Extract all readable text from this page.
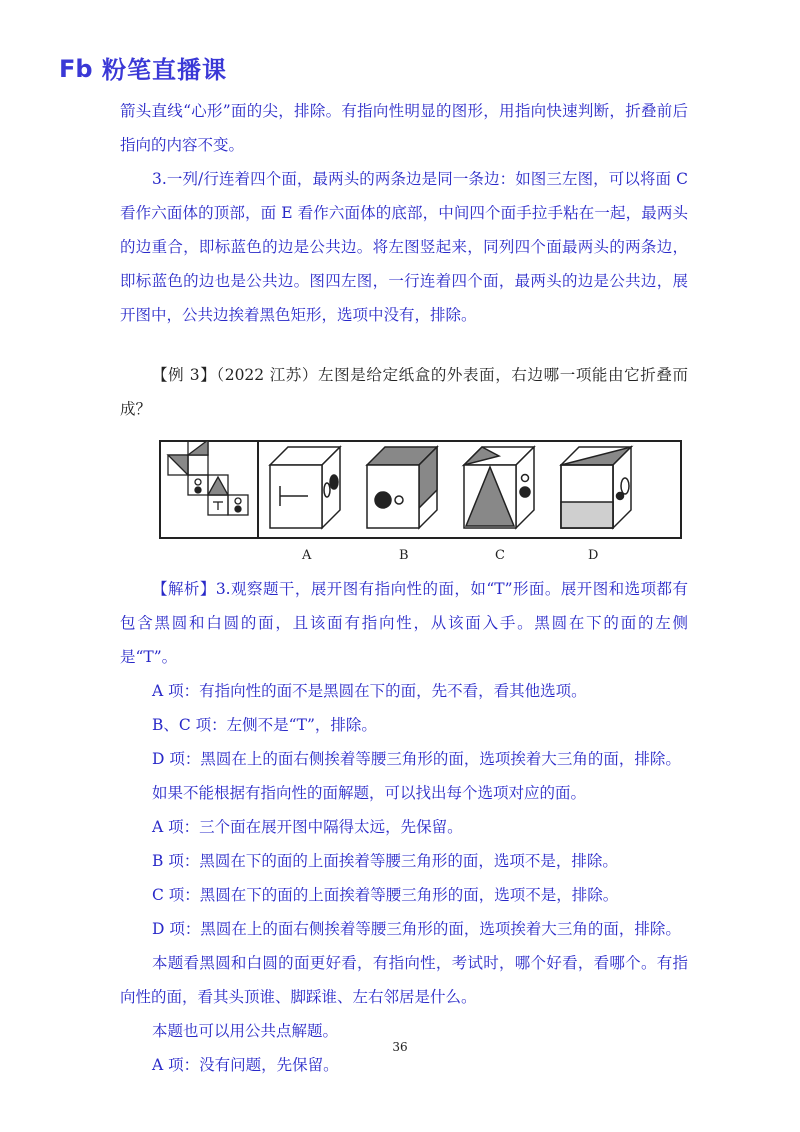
Fb 粉笔直播课

箭头直线“心形”面的尖，排除。有指向性明显的图形，用指向快速判断，折叠前后指向的内容不变。

3.一列/行连着四个面，最两头的两条边是同一条边：如图三左图，可以将面 C 看作六面体的顶部，面 E 看作六面体的底部，中间四个面手拉手粘在一起，最两头的边重合，即标蓝色的边是公共边。将左图竖起来，同列四个面最两头的两条边，即标蓝色的边也是公共边。图四左图，一行连着四个面，最两头的边是公共边，展开图中，公共边挨着黑色矩形，选项中没有，排除。

【例 3】（2022 江苏）左图是给定纸盒的外表面，右边哪一项能由它折叠而成？

A	B	C	D

【解析】3.观察题干，展开图有指向性的面，如“T”形面。展开图和选项都有包含黑圆和白圆的面，且该面有指向性，从该面入手。黑圆在下的面的左侧是“T”。

A 项：有指向性的面不是黑圆在下的面，先不看，看其他选项。

B、C 项：左侧不是“T”，排除。

D 项：黑圆在上的面右侧挨着等腰三角形的面，选项挨着大三角的面，排除。

如果不能根据有指向性的面解题，可以找出每个选项对应的面。

A 项：三个面在展开图中隔得太远，先保留。

B 项：黑圆在下的面的上面挨着等腰三角形的面，选项不是，排除。

C 项：黑圆在下的面的上面挨着等腰三角形的面，选项不是，排除。

D 项：黑圆在上的面右侧挨着等腰三角形的面，选项挨着大三角的面，排除。

本题看黑圆和白圆的面更好看，有指向性，考试时，哪个好看，看哪个。有指向性的面，看其头顶谁、脚踩谁、左右邻居是什么。

本题也可以用公共点解题。

A 项：没有问题，先保留。

36
